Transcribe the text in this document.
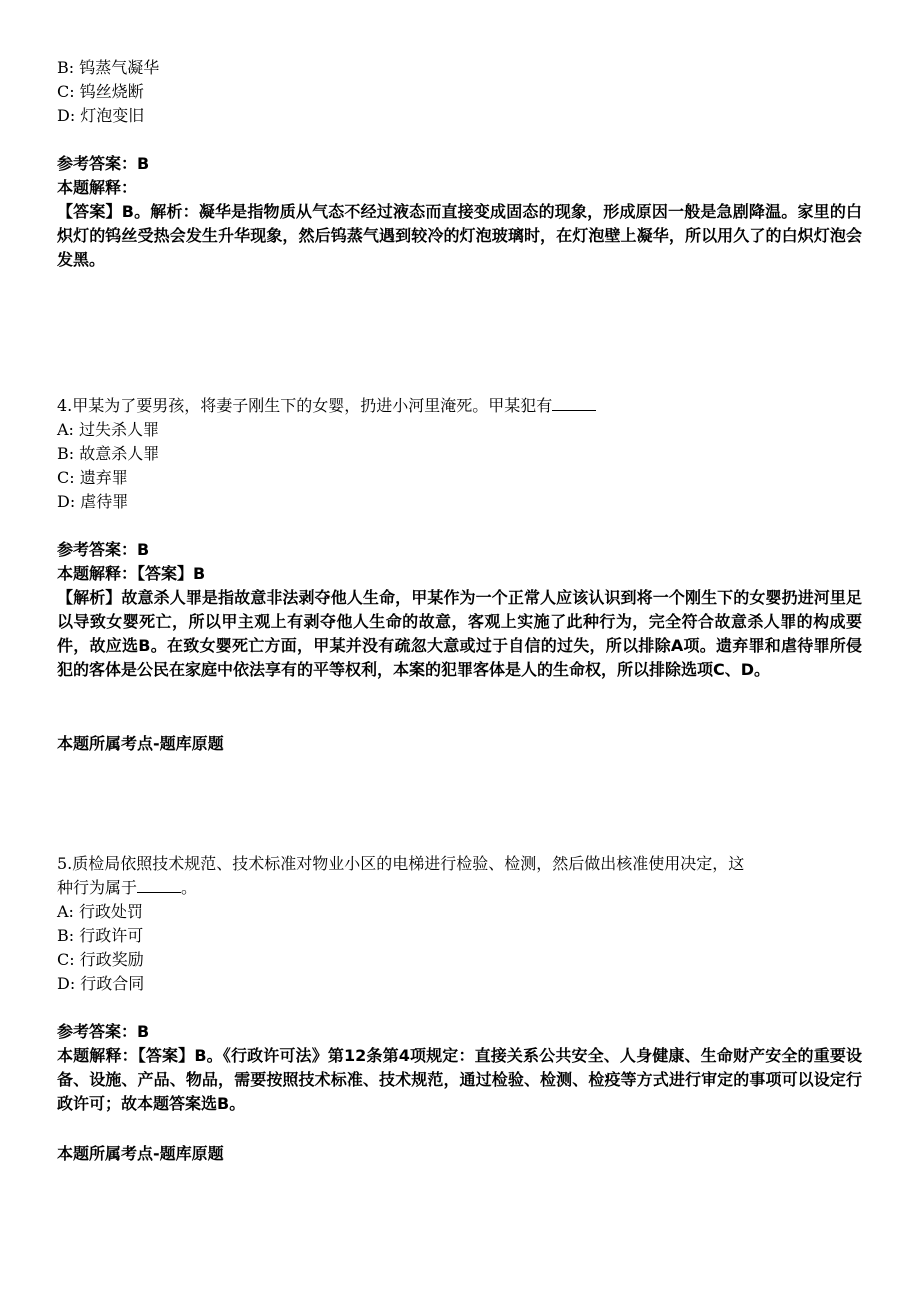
B: 钨蒸气凝华
C: 钨丝烧断
D: 灯泡变旧
参考答案：B
本题解释：
【答案】B。解析：凝华是指物质从气态不经过液态而直接变成固态的现象，形成原因一般是急剧降温。家里的白炽灯的钨丝受热会发生升华现象，然后钨蒸气遇到较冷的灯泡玻璃时，在灯泡壁上凝华，所以用久了的白炽灯泡会发黑。
4.甲某为了要男孩，将妻子刚生下的女婴，扔进小河里淹死。甲某犯有
A: 过失杀人罪
B: 故意杀人罪
C: 遗弃罪
D: 虐待罪
参考答案：B
本题解释：【答案】B
【解析】故意杀人罪是指故意非法剥夺他人生命，甲某作为一个正常人应该认识到将一个刚生下的女婴扔进河里足以导致女婴死亡，所以甲主观上有剥夺他人生命的故意，客观上实施了此种行为，完全符合故意杀人罪的构成要件，故应选B。在致女婴死亡方面，甲某并没有疏忽大意或过于自信的过失，所以排除A项。遗弃罪和虐待罪所侵犯的客体是公民在家庭中依法享有的平等权利，本案的犯罪客体是人的生命权，所以排除选项C、D。
本题所属考点-题库原题
5.质检局依照技术规范、技术标准对物业小区的电梯进行检验、检测，然后做出核准使用决定，这
种行为属于	。
A: 行政处罚
B: 行政许可
C: 行政奖励
D: 行政合同
参考答案：B
本题解释：【答案】B。《行政许可法》第12条第4项规定：直接关系公共安全、人身健康、生命财产安全的重要设备、设施、产品、物品，需要按照技术标准、技术规范，通过检验、检测、检疫等方式进行审定的事项可以设定行政许可；故本题答案选B。
本题所属考点-题库原题
